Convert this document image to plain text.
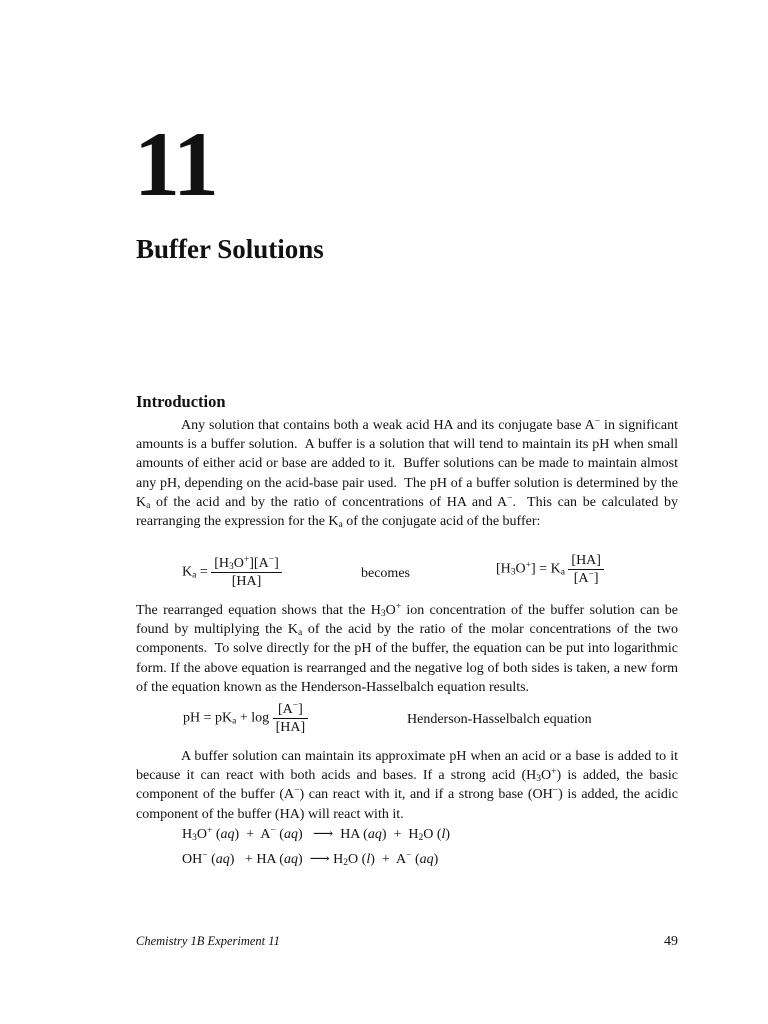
11
Buffer Solutions
Introduction

Any solution that contains both a weak acid HA and its conjugate base A− in significant amounts is a buffer solution.  A buffer is a solution that will tend to maintain its pH when small amounts of either acid or base are added to it.  Buffer solutions can be made to maintain almost any pH, depending on the acid-base pair used.  The pH of a buffer solution is determined by the $K_a$ of the acid and by the ratio of concentrations of HA and A−.  This can be calculated by rearranging the expression for the $K_a$ of the conjugate acid of the buffer:

$K_a = \frac{[H_3O^+][A^-]}{[HA]}$	becomes	$[H_3O^+] = K_a \frac{[HA]}{[A^-]}$

The rearranged equation shows that the $H_3O^+$ ion concentration of the buffer solution can be found by multiplying the $K_a$ of the acid by the ratio of the molar concentrations of the two components.  To solve directly for the pH of the buffer, the equation can be put into logarithmic form. If the above equation is rearranged and the negative log of both sides is taken, a new form of the equation known as the Henderson-Hasselbalch equation results.

pH = $pK_a + \log \frac{[A^-]}{[HA]}$	Henderson-Hasselbalch equation

A buffer solution can maintain its approximate pH when an acid or a base is added to it because it can react with both acids and bases. If a strong acid $(H_3O^+)$ is added, the basic component of the buffer (A−) can react with it, and if a strong base (OH−) is added, the acidic component of the buffer (HA) will react with it.

$H_3O^+$ (aq)  +  A− (aq)   ⟶  HA $(aq) + H_2O$ (l)
OH− (aq)   + HA (aq)  ⟶ $H_2O$ (l)  +  A− (aq)
Chemistry 1B Experiment 11	49
